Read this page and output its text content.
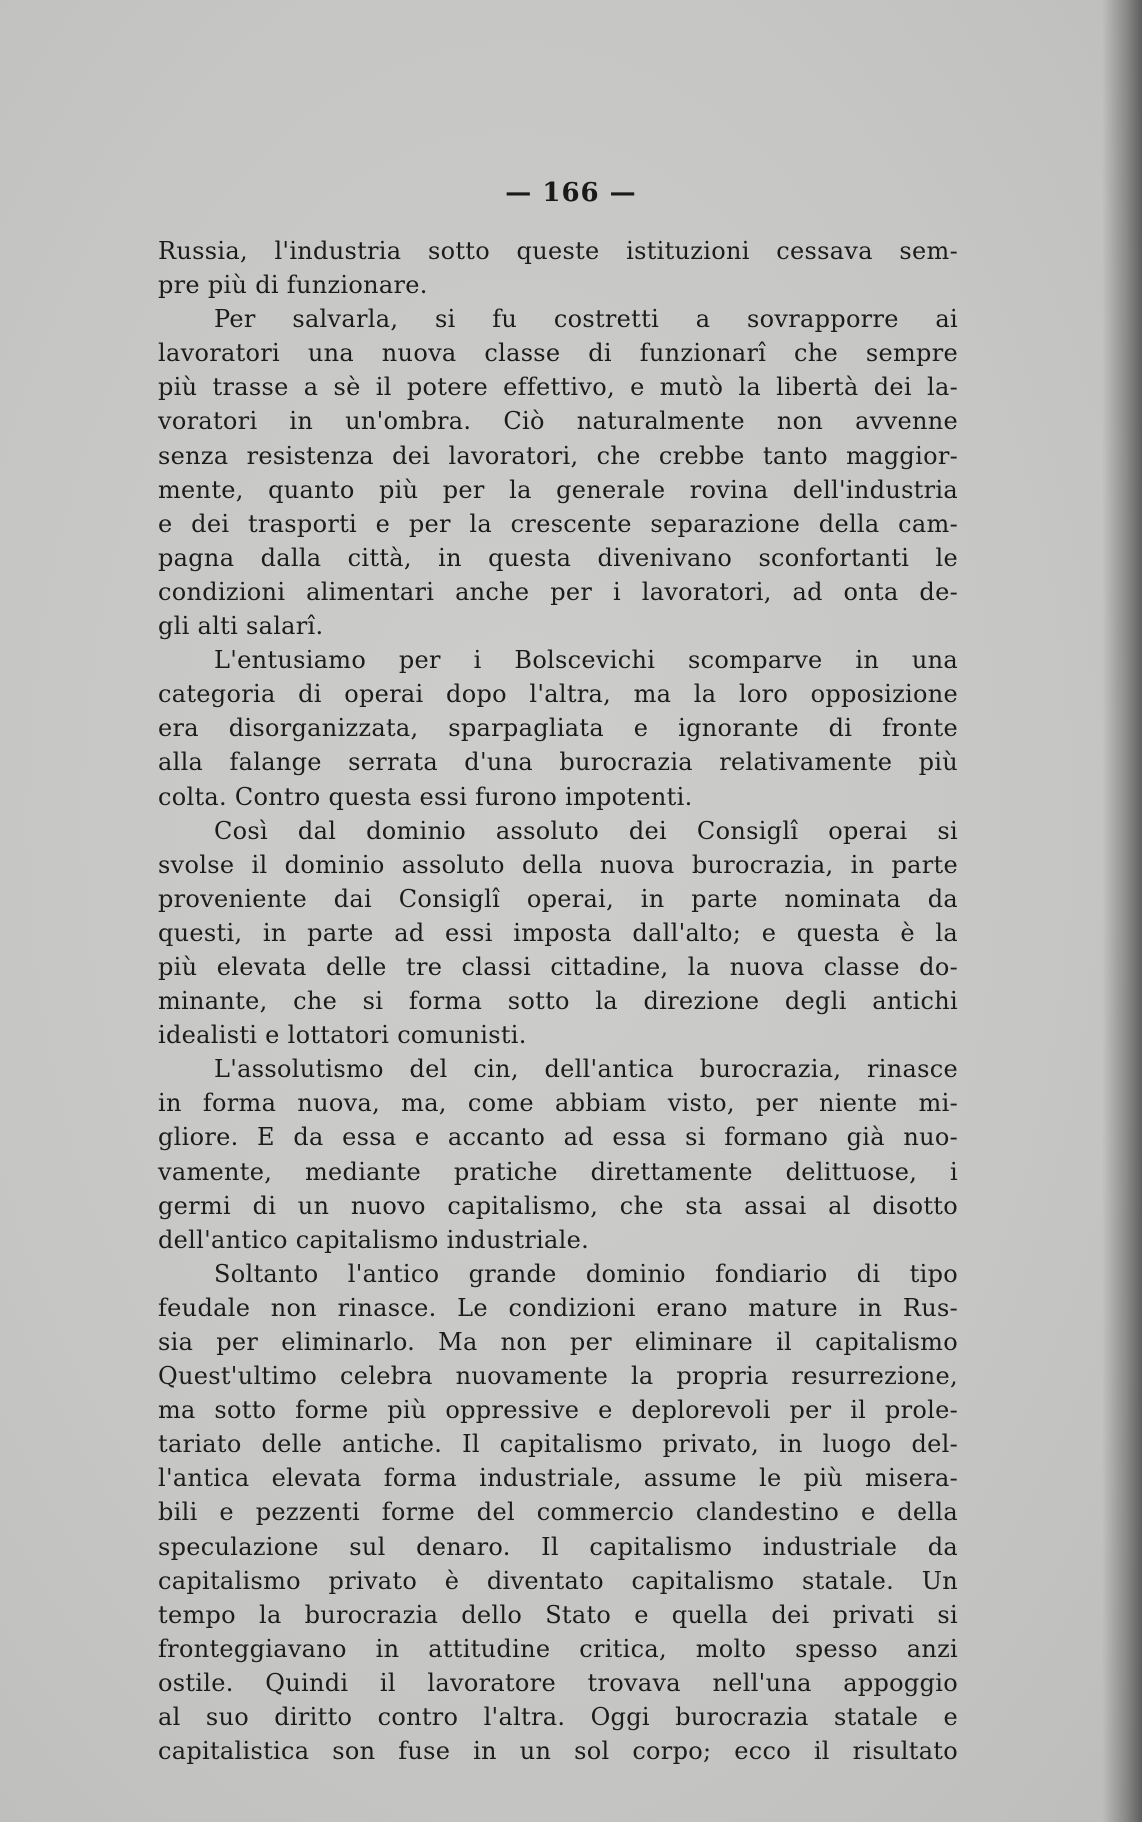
— 166 —
Russia, l'industria sotto queste istituzioni cessava sem-
pre più di funzionare.
Per salvarla, si fu costretti a sovrapporre ai
lavoratori una nuova classe di funzionarî che sempre
più trasse a sè il potere effettivo, e mutò la libertà dei la-
voratori in un'ombra. Ciò naturalmente non avvenne
senza resistenza dei lavoratori, che crebbe tanto maggior-
mente, quanto più per la generale rovina dell'industria
e dei trasporti e per la crescente separazione della cam-
pagna dalla città, in questa divenivano sconfortanti le
condizioni alimentari anche per i lavoratori, ad onta de-
gli alti salarî.
L'entusiamo per i Bolscevichi scomparve in una
categoria di operai dopo l'altra, ma la loro opposizione
era disorganizzata, sparpagliata e ignorante di fronte
alla falange serrata d'una burocrazia relativamente più
colta. Contro questa essi furono impotenti.
Così dal dominio assoluto dei Consiglî operai si
svolse il dominio assoluto della nuova burocrazia, in parte
proveniente dai Consiglî operai, in parte nominata da
questi, in parte ad essi imposta dall'alto; e questa è la
più elevata delle tre classi cittadine, la nuova classe do-
minante, che si forma sotto la direzione degli antichi
idealisti e lottatori comunisti.
L'assolutismo del cin, dell'antica burocrazia, rinasce
in forma nuova, ma, come abbiam visto, per niente mi-
gliore. E da essa e accanto ad essa si formano già nuo-
vamente, mediante pratiche direttamente delittuose, i
germi di un nuovo capitalismo, che sta assai al disotto
dell'antico capitalismo industriale.
Soltanto l'antico grande dominio fondiario di tipo
feudale non rinasce. Le condizioni erano mature in Rus-
sia per eliminarlo. Ma non per eliminare il capitalismo
Quest'ultimo celebra nuovamente la propria resurrezione,
ma sotto forme più oppressive e deplorevoli per il prole-
tariato delle antiche. Il capitalismo privato, in luogo del-
l'antica elevata forma industriale, assume le più misera-
bili e pezzenti forme del commercio clandestino e della
speculazione sul denaro. Il capitalismo industriale da
capitalismo privato è diventato capitalismo statale. Un
tempo la burocrazia dello Stato e quella dei privati si
fronteggiavano in attitudine critica, molto spesso anzi
ostile. Quindi il lavoratore trovava nell'una appoggio
al suo diritto contro l'altra. Oggi burocrazia statale e
capitalistica son fuse in un sol corpo; ecco il risultato
